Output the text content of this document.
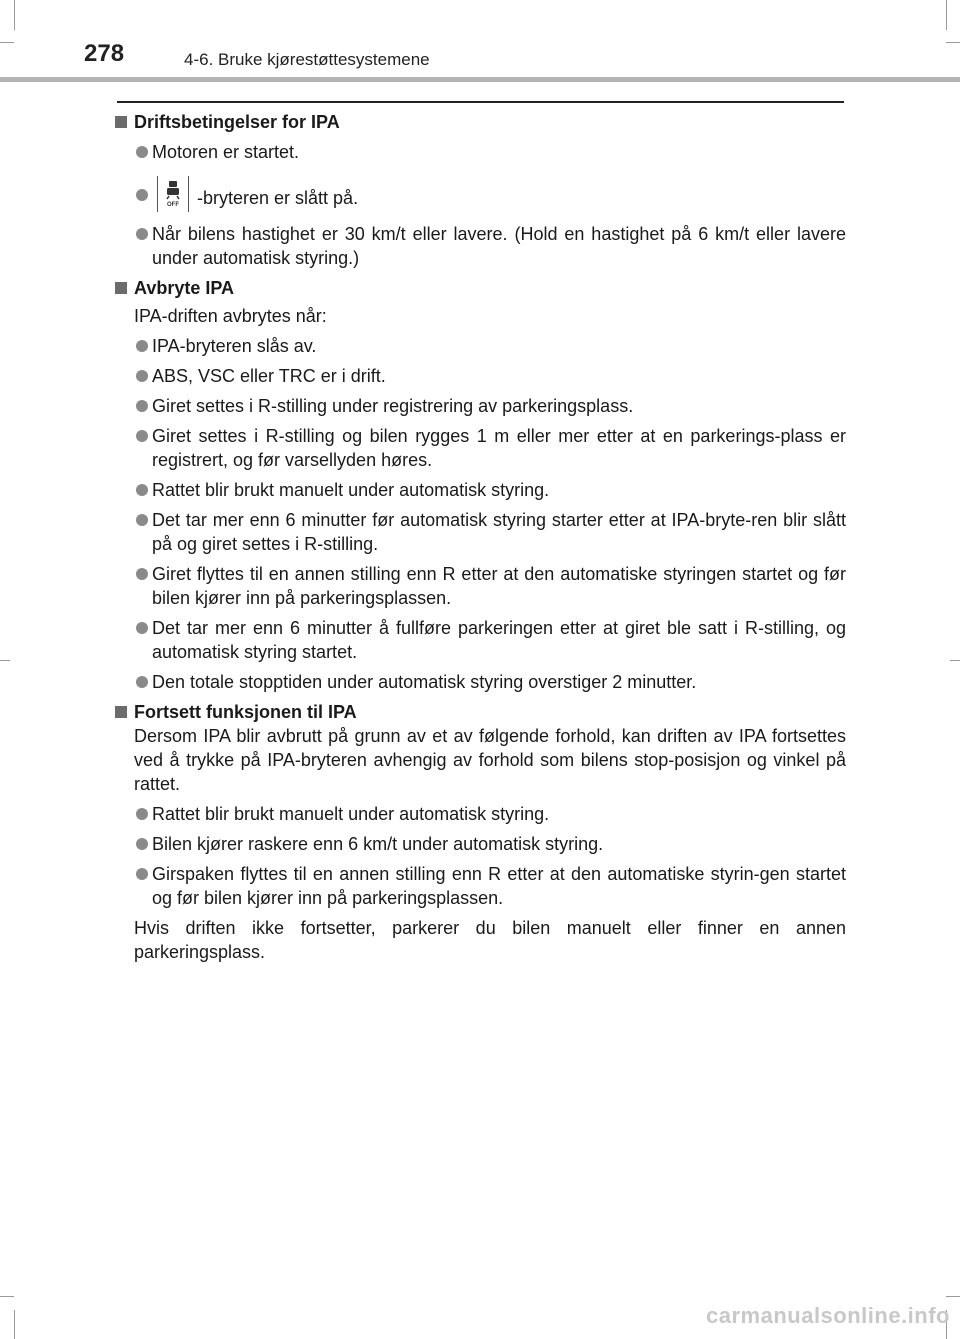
278	4-6. Bruke kjørestøttesystemene
Driftsbetingelser for IPA
Motoren er startet.
OFF -bryteren er slått på.
Når bilens hastighet er 30 km/t eller lavere. (Hold en hastighet på 6 km/t eller lavere under automatisk styring.)
Avbryte IPA
IPA-driften avbrytes når:
IPA-bryteren slås av.
ABS, VSC eller TRC er i drift.
Giret settes i R-stilling under registrering av parkeringsplass.
Giret settes i R-stilling og bilen rygges 1 m eller mer etter at en parkerings-plass er registrert, og før varsellyden høres.
Rattet blir brukt manuelt under automatisk styring.
Det tar mer enn 6 minutter før automatisk styring starter etter at IPA-bryte-ren blir slått på og giret settes i R-stilling.
Giret flyttes til en annen stilling enn R etter at den automatiske styringen startet og før bilen kjører inn på parkeringsplassen.
Det tar mer enn 6 minutter å fullføre parkeringen etter at giret ble satt i R-stilling, og automatisk styring startet.
Den totale stopptiden under automatisk styring overstiger 2 minutter.
Fortsett funksjonen til IPA
Dersom IPA blir avbrutt på grunn av et av følgende forhold, kan driften av IPA fortsettes ved å trykke på IPA-bryteren avhengig av forhold som bilens stop-posisjon og vinkel på rattet.
Rattet blir brukt manuelt under automatisk styring.
Bilen kjører raskere enn 6 km/t under automatisk styring.
Girspaken flyttes til en annen stilling enn R etter at den automatiske styrin-gen startet og før bilen kjører inn på parkeringsplassen.
Hvis driften ikke fortsetter, parkerer du bilen manuelt eller finner en annen parkeringsplass.
carmanualsonline.info
